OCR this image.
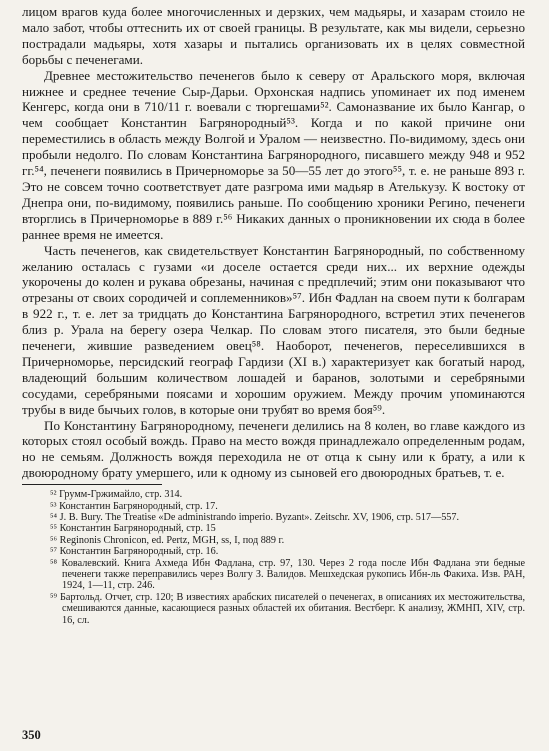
лицом врагов куда более многочисленных и дерзких, чем мадьяры, и хазарам стоило не мало забот, чтобы оттеснить их от своей границы. В результате, как мы видели, серьезно пострадали мадьяры, хотя хазары и пытались организовать их в целях совместной борьбы с печенегами.

Древнее местожительство печенегов было к северу от Аральского моря, включая нижнее и среднее течение Сыр-Дарьи. Орхонская надпись упоминает их под именем Кенгерс, когда они в 710/11 г. воевали с тюргешами⁵². Самоназвание их было Кангар, о чем сообщает Константин Багрянородный⁵³. Когда и по какой причине они переместились в область между Волгой и Уралом — неизвестно. По-видимому, здесь они пробыли недолго. По словам Константина Багрянородного, писавшего между 948 и 952 гг.⁵⁴, печенеги появились в Причерноморье за 50—55 лет до этого⁵⁵, т. е. не раньше 893 г. Это не совсем точно соответствует дате разгрома ими мадьяр в Ателькузу. К востоку от Днепра они, по-видимому, появились раньше. По сообщению хроники Регино, печенеги вторглись в Причерноморье в 889 г.⁵⁶ Никаких данных о проникновении их сюда в более раннее время не имеется.

Часть печенегов, как свидетельствует Константин Багрянородный, по собственному желанию осталась с гузами «и доселе остается среди них... их верхние одежды укорочены до колен и рукава обрезаны, начиная с предплечий; этим они показывают что отрезаны от своих сородичей и соплеменников»⁵⁷. Ибн Фадлан на своем пути к болгарам в 922 г., т. е. лет за тридцать до Константина Багрянородного, встретил этих печенегов близ р. Урала на берегу озера Челкар. По словам этого писателя, это были бедные печенеги, жившие разведением овец⁵⁸. Наоборот, печенегов, переселившихся в Причерноморье, персидский географ Гардизи (XI в.) характеризует как богатый народ, владеющий большим количеством лошадей и баранов, золотыми и серебряными сосудами, серебряными поясами и хорошим оружием. Между прочим упоминаются трубы в виде бычьих голов, в которые они трубят во время боя⁵⁹.

По Константину Багрянородному, печенеги делились на 8 колен, во главе каждого из которых стоял особый вождь. Право на место вождя принадлежало определенным родам, но не семьям. Должность вождя переходила не от отца к сыну или к брату, а или к двоюродному брату умершего, или к одному из сыновей его двоюродных братьев, т. е.

⁵² Грумм-Гржимайло, стр. 314.

⁵³ Константин Багрянородный, стр. 17.

⁵⁴ J. B. Bury. The Treatise «De administrando imperio. Byzant». Zeitschr. XV, 1906, стр. 517—557.

⁵⁵ Константин Багрянородный, стр. 15

⁵⁶ Reginonis Chronicon, ed. Pertz, MGH, ss, I, под 889 г.

⁵⁷ Константин Багрянородный, стр. 16.

⁵⁸ Ковалевский. Книга Ахмеда Ибн Фадлана, стр. 97, 130. Через 2 года после Ибн Фадлана эти бедные печенеги также переправились через Волгу З. Валидов. Мешхедская рукопись Ибн-ль Факиха. Изв. РАН, 1924, 1—11, стр. 246.

⁵⁹ Бартольд. Отчет, стр. 120; В известиях арабских писателей о печенегах, в описаниях их местожительства, смешиваются данные, касающиеся разных областей их обитания. Вестберг. К анализу, ЖМНП, XIV, стр. 16, сл.

350
